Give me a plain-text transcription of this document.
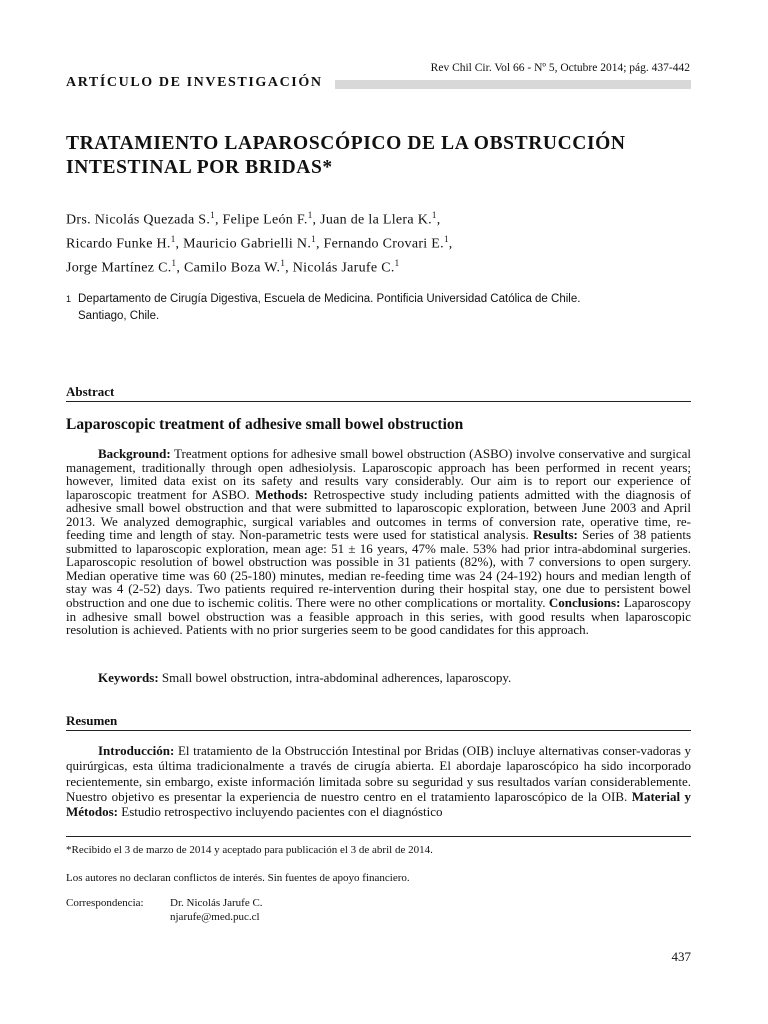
Rev Chil Cir. Vol 66 - Nº 5, Octubre 2014; pág. 437-442
ARTÍCULO DE INVESTIGACIÓN
TRATAMIENTO LAPAROSCÓPICO DE LA OBSTRUCCIÓN INTESTINAL POR BRIDAS*
Drs. Nicolás Quezada S.$^1$, Felipe León F.$^1$, Juan de la Llera K.$^1$,
Ricardo Funke H.$^1$, Mauricio Gabrielli N.$^1$, Fernando Crovari E.$^1$,
Jorge Martínez C.$^1$, Camilo Boza W.$^1$, Nicolás Jarufe C.$^1$
1 Departamento de Cirugía Digestiva, Escuela de Medicina. Pontificia Universidad Católica de Chile.
Santiago, Chile.
Abstract
Laparoscopic treatment of adhesive small bowel obstruction

Background: Treatment options for adhesive small bowel obstruction (ASBO) involve conservative and surgical management, traditionally through open adhesiolysis. Laparoscopic approach has been performed in recent years; however, limited data exist on its safety and results vary considerably. Our aim is to report our experience of laparoscopic treatment for ASBO. Methods: Retrospective study including patients admitted with the diagnosis of adhesive small bowel obstruction and that were submitted to laparoscopic exploration, between June 2003 and April 2013. We analyzed demographic, surgical variables and outcomes in terms of conversion rate, operative time, re-feeding time and length of stay. Non-parametric tests were used for statistical analysis. Results: Series of 38 patients submitted to laparoscopic exploration, mean age: 51 ± 16 years, 47% male. 53% had prior intra-abdominal surgeries. Laparoscopic resolution of bowel obstruction was possible in 31 patients (82%), with 7 conversions to open surgery. Median operative time was 60 (25-180) minutes, median re-feeding time was 24 (24-192) hours and median length of stay was 4 (2-52) days. Two patients required re-intervention during their hospital stay, one due to persistent bowel obstruction and one due to ischemic colitis. There were no other complications or mortality. Conclusions: Laparoscopy in adhesive small bowel obstruction was a feasible approach in this series, with good results when laparoscopic resolution is achieved. Patients with no prior surgeries seem to be good candidates for this approach.

Keywords: Small bowel obstruction, intra-abdominal adherences, laparoscopy.
Resumen

Introducción: El tratamiento de la Obstrucción Intestinal por Bridas (OIB) incluye alternativas conser-vadoras y quirúrgicas, esta última tradicionalmente a través de cirugía abierta. El abordaje laparoscópico ha sido incorporado recientemente, sin embargo, existe información limitada sobre su seguridad y sus resultados varían considerablemente. Nuestro objetivo es presentar la experiencia de nuestro centro en el tratamiento laparoscópico de la OIB. Material y Métodos: Estudio retrospectivo incluyendo pacientes con el diagnóstico

*Recibido el 3 de marzo de 2014 y aceptado para publicación el 3 de abril de 2014.
Los autores no declaran conflictos de interés. Sin fuentes de apoyo financiero.
Correspondencia: Dr. Nicolás Jarufe C.
njarufe@med.puc.cl
437
